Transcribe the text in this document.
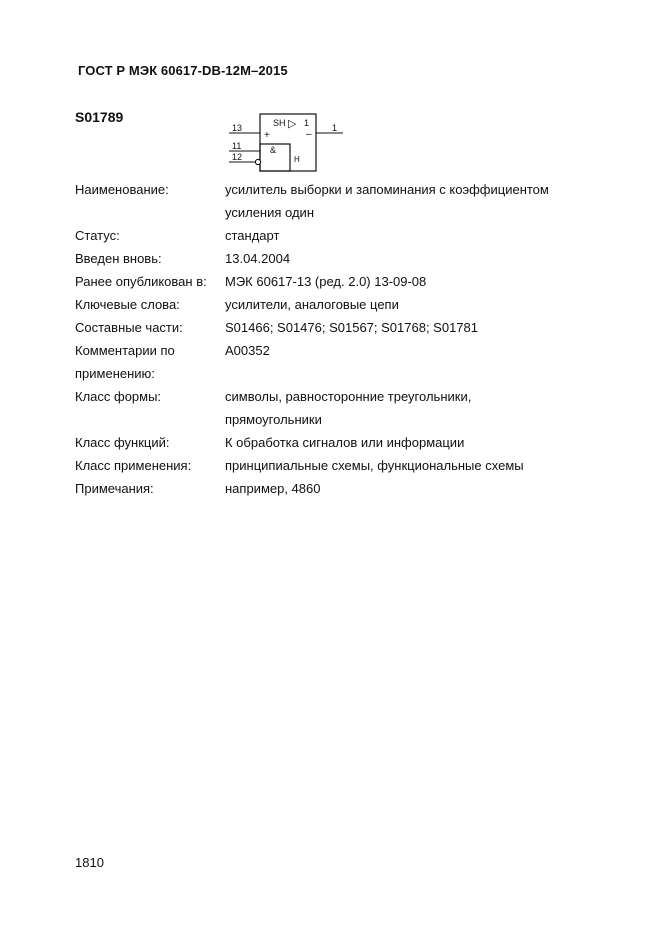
ГОСТ Р МЭК 60617-DB-12M–2015
S01789	SH ▷ 1
+	–
&
H
13
11
12
1
Наименование:	усилитель выборки и запоминания с коэффициентом
усиления один
Статус:	стандарт
Введен вновь:	13.04.2004
Ранее опубликован в:	МЭК 60617-13 (ред. 2.0) 13-09-08
Ключевые слова:	усилители, аналоговые цепи
Составные части:	S01466; S01476; S01567; S01768; S01781
Комментарии по
применению:
A00352
Класс формы:	символы, равносторонние треугольники,
прямоугольники
Класс функций:	К обработка сигналов или информации
Класс применения:	принципиальные схемы, функциональные схемы
Примечания:	например, 4860
1810
